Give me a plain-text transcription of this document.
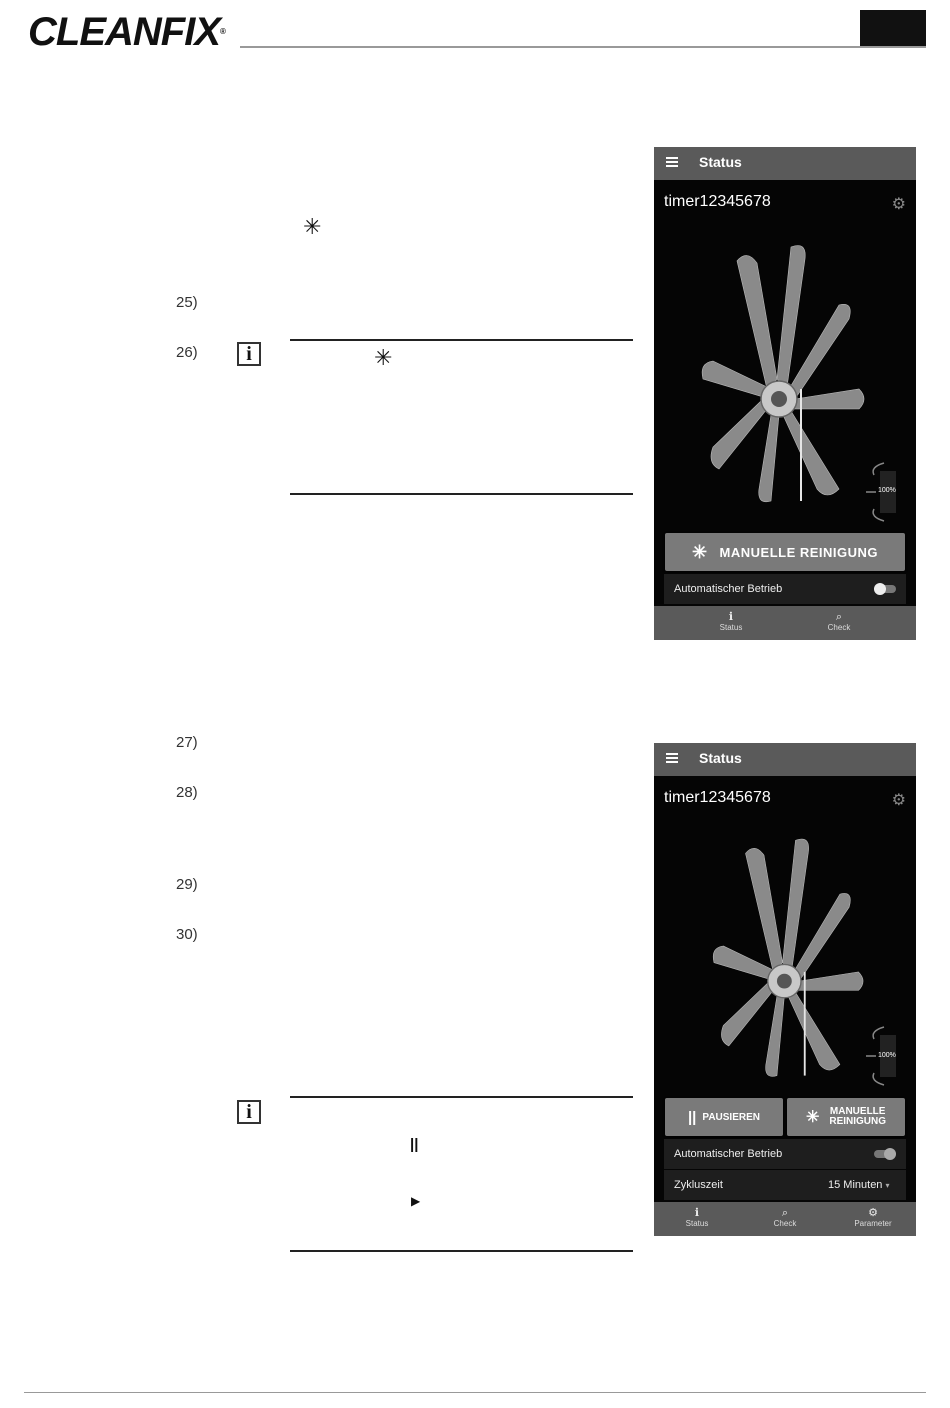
CLEANFIX®
✳
25)
26)	i	✳
27)
28)
29)
30)
i
||
▶
Status
timer12345678	⚙
100%
✳ MANUELLE REINIGUNG
Automatischer Betrieb
ℹ
Status
⌕
Check
Status
timer12345678	⚙
100%
|| PAUSIEREN	✳ MANUELLE
REINIGUNG
Automatischer Betrieb
Zykluszeit	15 Minuten ▾
ℹ
Status
⌕
Check
⚙
Parameter
